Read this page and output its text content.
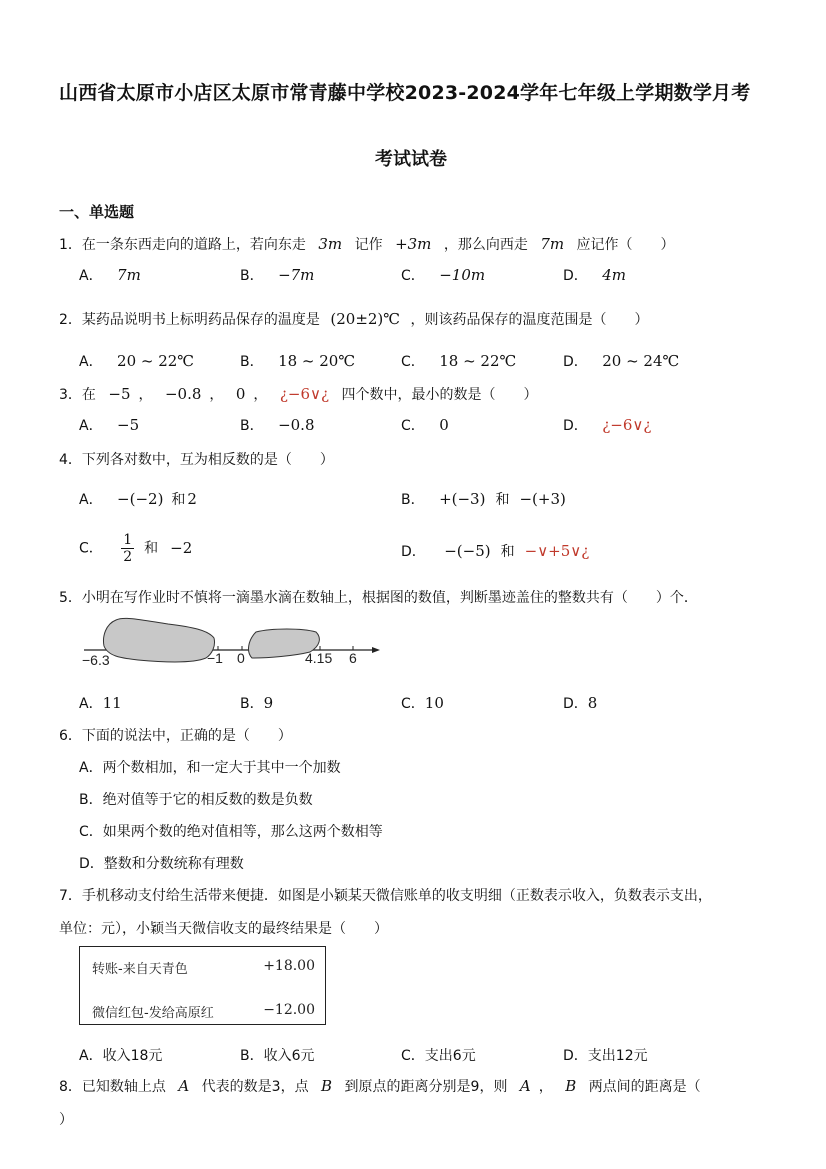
山西省太原市小店区太原市常青藤中学校2023-2024学年七年级上学期数学月考
考试试卷
一、单选题
1．在一条东西走向的道路上，若向东走 3m 记作 +3m ，那么向西走 7m 应记作（　　）
A． 7m	B． −7m	C． −10m	D． 4m
2．某药品说明书上标明药品保存的温度是 (20±2)℃ ，则该药品保存的温度范围是（　　）
A． 20 ~ 22℃	B． 18 ~ 20℃	C． 18 ~ 22℃	D． 20 ~ 24℃
3．在 −5 ， −0.8 ， 0 ， ¿−6∨¿ 四个数中，最小的数是（　　）
A． −5	B． −0.8	C． 0	D． ¿−6∨¿
4．下列各对数中，互为相反数的是（　　）
A． −(−2) 和 2	B． +(−3) 和 −(+3)
C． $\frac{1}{2}$ 和 −2	D． −(−5) 和 −∨+5∨¿
5．小明在写作业时不慎将一滴墨水滴在数轴上，根据图的数值，判断墨迹盖住的整数共有（　　）个．
−6.3	−1 0	4.15 6
A．11	B．9	C．10	D．8
6．下面的说法中，正确的是（　　）
A．两个数相加，和一定大于其中一个加数
B．绝对值等于它的相反数的数是负数
C．如果两个数的绝对值相等，那么这两个数相等
D．整数和分数统称有理数
7．手机移动支付给生活带来便捷．如图是小颖某天微信账单的收支明细（正数表示收入，负数表示支出，
单位：元），小颖当天微信收支的最终结果是（　　）
转账-来自天青色	+18.00
微信红包-发给高原红	−12.00
A．收入18元	B．收入6元	C．支出6元	D．支出12元
8．已知数轴上点 A 代表的数是3，点 B 到原点的距离分别是9，则 A ， B 两点间的距离是（
）
